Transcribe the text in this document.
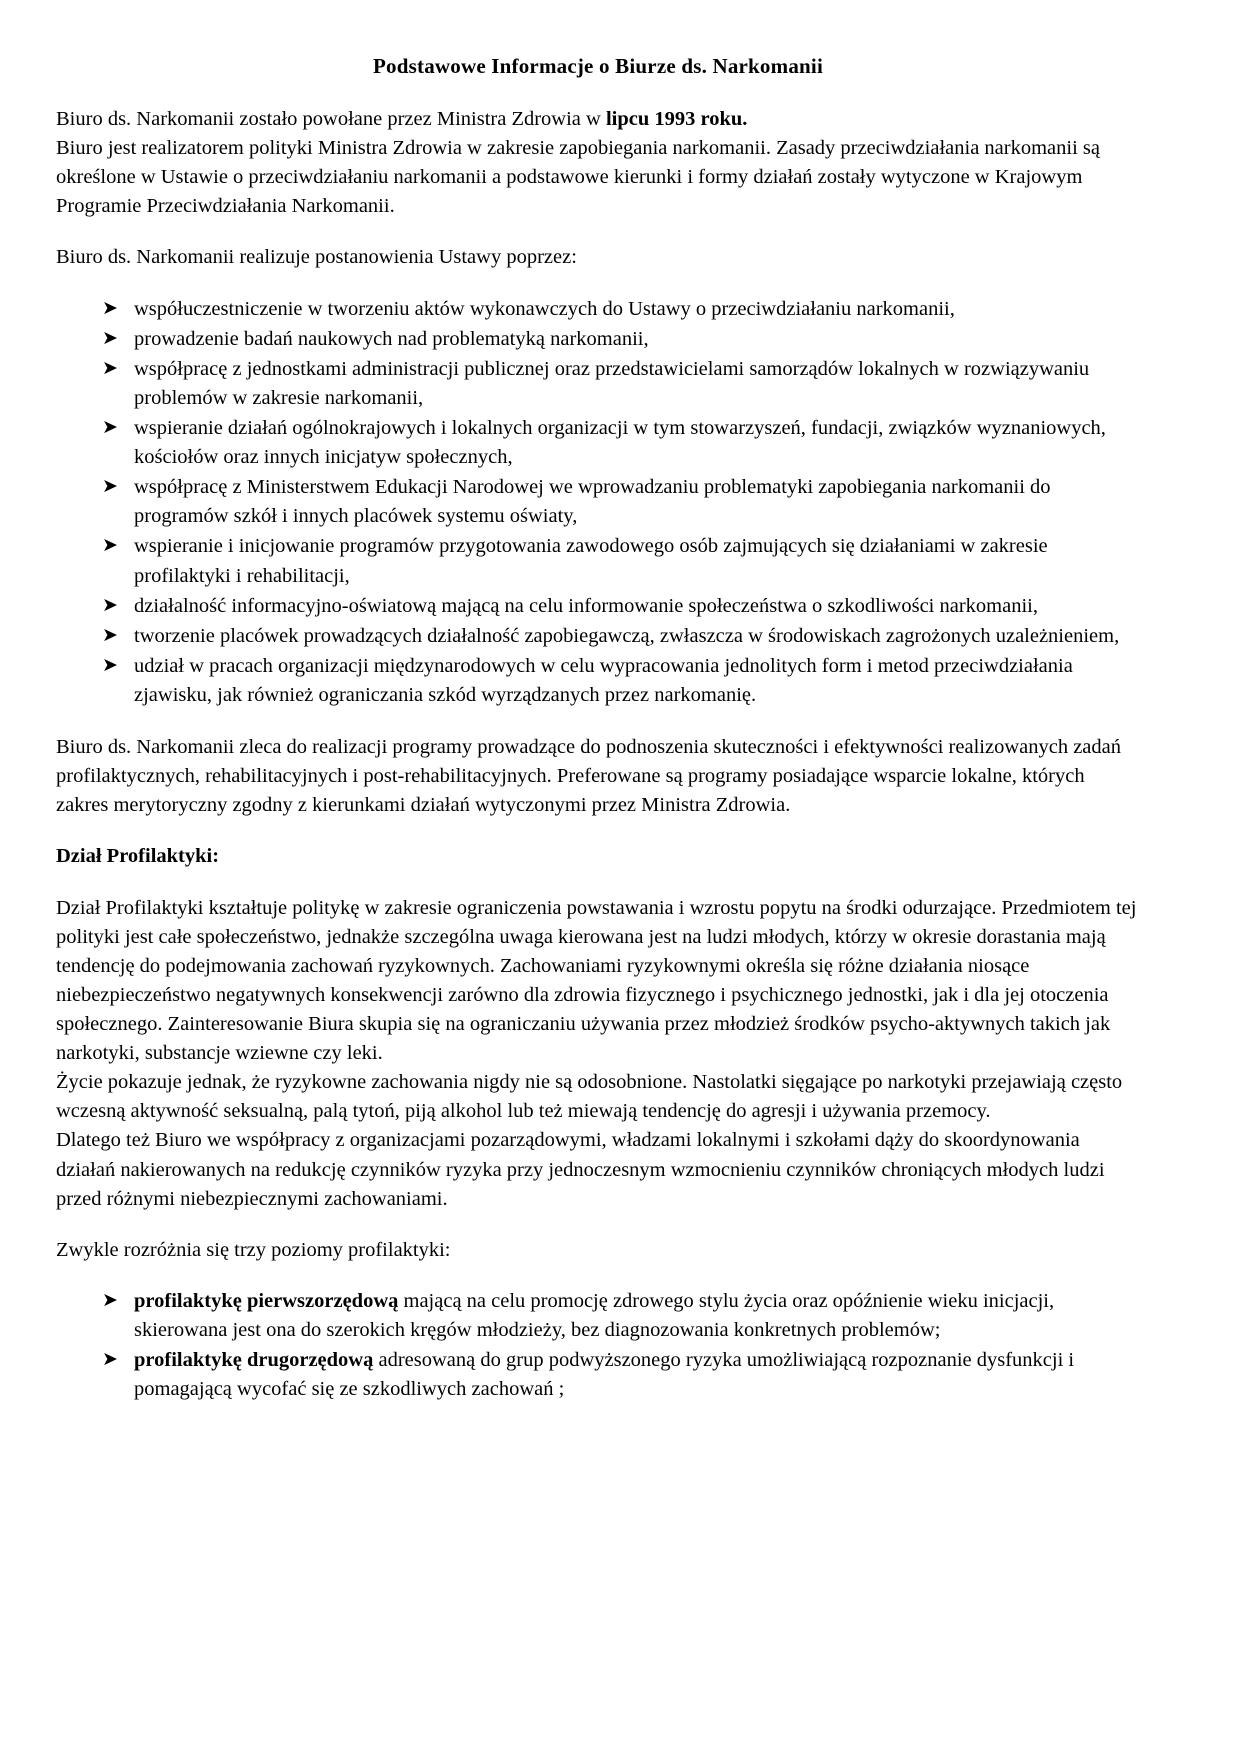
Podstawowe Informacje o Biurze ds. Narkomanii

Biuro ds. Narkomanii zostało powołane przez Ministra Zdrowia w lipcu 1993 roku.

Biuro jest realizatorem polityki Ministra Zdrowia w zakresie zapobiegania narkomanii. Zasady przeciwdziałania narkomanii są określone w Ustawie o przeciwdziałaniu narkomanii a podstawowe kierunki i formy działań zostały wytyczone w Krajowym Programie Przeciwdziałania Narkomanii.

Biuro ds. Narkomanii realizuje postanowienia Ustawy poprzez:

➤ współuczestniczenie w tworzeniu aktów wykonawczych do Ustawy o przeciwdziałaniu narkomanii,
➤ prowadzenie badań naukowych nad problematyką narkomanii,
➤ współpracę z jednostkami administracji publicznej oraz przedstawicielami samorządów lokalnych w rozwiązywaniu problemów w zakresie narkomanii,
➤ wspieranie działań ogólnokrajowych i lokalnych organizacji w tym stowarzyszeń, fundacji, związków wyznaniowych, kościołów oraz innych inicjatyw społecznych,
➤ współpracę z Ministerstwem Edukacji Narodowej we wprowadzaniu problematyki zapobiegania narkomanii do programów szkół i innych placówek systemu oświaty,
➤ wspieranie i inicjowanie programów przygotowania zawodowego osób zajmujących się działaniami w zakresie profilaktyki i rehabilitacji,
➤ działalność informacyjno-oświatową mającą na celu informowanie społeczeństwa o szkodliwości narkomanii,
➤ tworzenie placówek prowadzących działalność zapobiegawczą, zwłaszcza w środowiskach zagrożonych uzależnieniem,
➤ udział w pracach organizacji międzynarodowych w celu wypracowania jednolitych form i metod przeciwdziałania zjawisku, jak również ograniczania szkód wyrządzanych przez narkomanię.

Biuro ds. Narkomanii zleca do realizacji programy prowadzące do podnoszenia skuteczności i efektywności realizowanych zadań profilaktycznych, rehabilitacyjnych i post-rehabilitacyjnych. Preferowane są programy posiadające wsparcie lokalne, których zakres merytoryczny zgodny z kierunkami działań wytyczonymi przez Ministra Zdrowia.

Dział Profilaktyki:

Dział Profilaktyki kształtuje politykę w zakresie ograniczenia powstawania i wzrostu popytu na środki odurzające. Przedmiotem tej polityki jest całe społeczeństwo, jednakże szczególna uwaga kierowana jest na ludzi młodych, którzy w okresie dorastania mają tendencję do podejmowania zachowań ryzykownych. Zachowaniami ryzykownymi określa się różne działania niosące niebezpieczeństwo negatywnych konsekwencji zarówno dla zdrowia fizycznego i psychicznego jednostki, jak i dla jej otoczenia społecznego. Zainteresowanie Biura skupia się na ograniczaniu używania przez młodzież środków psycho-aktywnych takich jak narkotyki, substancje wziewne czy leki.

Życie pokazuje jednak, że ryzykowne zachowania nigdy nie są odosobnione. Nastolatki sięgające po narkotyki przejawiają często wczesną aktywność seksualną, palą tytoń, piją alkohol lub też miewają tendencję do agresji i używania przemocy.

Dlatego też Biuro we współpracy z organizacjami pozarządowymi, władzami lokalnymi i szkołami dąży do skoordynowania działań nakierowanych na redukcję czynników ryzyka przy jednoczesnym wzmocnieniu czynników chroniących młodych ludzi przed różnymi niebezpiecznymi zachowaniami.

Zwykle rozróżnia się trzy poziomy profilaktyki:

➤ profilaktykę pierwszorzędową mającą na celu promocję zdrowego stylu życia oraz opóźnienie wieku inicjacji, skierowana jest ona do szerokich kręgów młodzieży, bez diagnozowania konkretnych problemów;
➤ profilaktykę drugorzędową adresowaną do grup podwyższonego ryzyka umożliwiającą rozpoznanie dysfunkcji i pomagającą wycofać się ze szkodliwych zachowań ;
